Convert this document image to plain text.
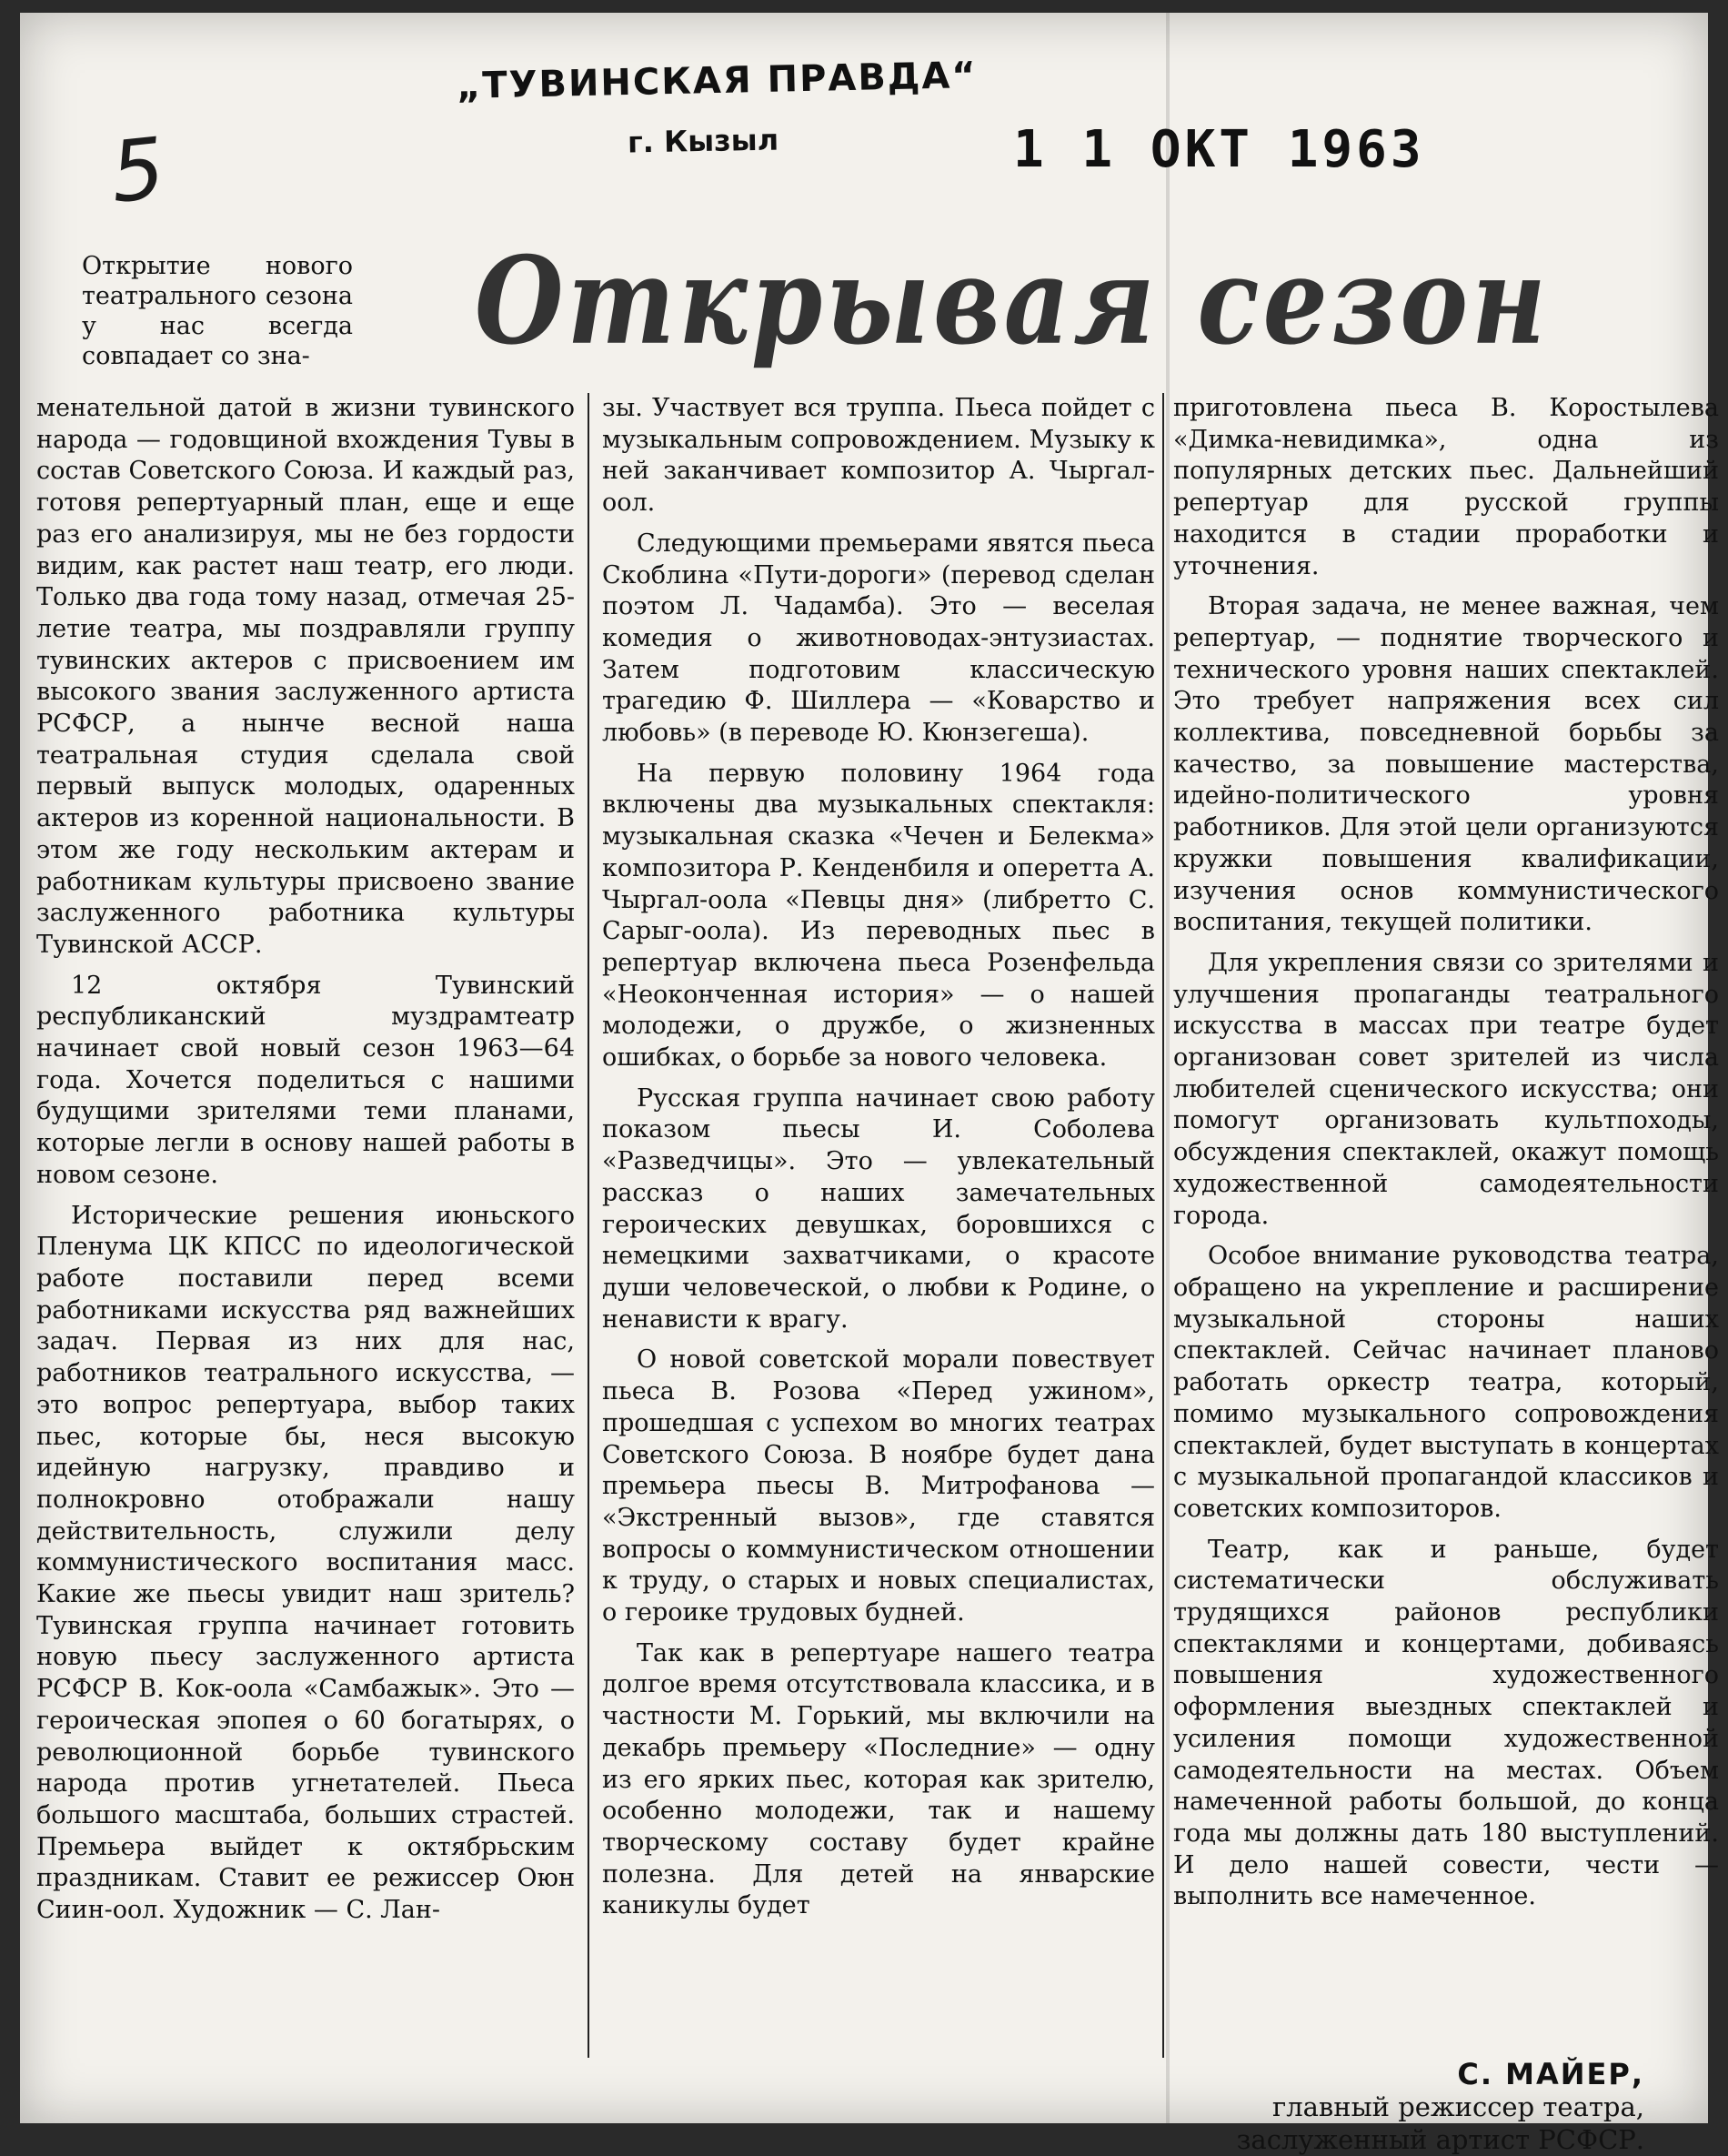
5
„ТУВИНСКАЯ ПРАВДА“
г. Кызыл	1 1 ОКТ 1963
Открытие нового театрального сезона у нас всегда совпадает со зна-	Открывая сезон

менательной датой в жизни тувинского народа — годовщиной вхождения Тувы в состав Советского Союза. И каждый раз, готовя репертуарный план, еще и еще раз его анализируя, мы не без гордости видим, как растет наш театр, его люди. Только два года тому назад, отмечая 25-летие театра, мы поздравляли группу тувинских актеров с присвоением им высокого звания заслуженного артиста РСФСР, а нынче весной наша театральная студия сделала свой первый выпуск молодых, одаренных актеров из коренной национальности. В этом же году нескольким актерам и работникам культуры присвоено звание заслуженного работника культуры Тувинской АССР.

12 октября Тувинский республиканский муздрамтеатр начинает свой новый сезон 1963—64 года. Хочется поделиться с нашими будущими зрителями теми планами, которые легли в основу нашей работы в новом сезоне.

Исторические решения июньского Пленума ЦК КПСС по идеологической работе поставили перед всеми работниками искусства ряд важнейших задач. Первая из них для нас, работников театрального искусства, — это вопрос репертуара, выбор таких пьес, которые бы, неся высокую идейную нагрузку, правдиво и полнокровно отображали нашу действительность, служили делу коммунистического воспитания масс. Какие же пьесы увидит наш зритель? Тувинская группа начинает готовить новую пьесу заслуженного артиста РСФСР В. Кок-оола «Самбажык». Это — героическая эпопея о 60 богатырях, о революционной борьбе тувинского народа против угнетателей. Пьеса большого масштаба, больших страстей. Премьера выйдет к октябрьским праздникам. Ставит ее режиссер Оюн Сиин-оол. Художник — С. Лан-

зы. Участвует вся труппа. Пьеса пойдет с музыкальным сопровождением. Музыку к ней заканчивает композитор А. Чыргал-оол.

Следующими премьерами явятся пьеса Скоблина «Пути-дороги» (перевод сделан поэтом Л. Чадамба). Это — веселая комедия о животноводах-энтузиастах. Затем подготовим классическую трагедию Ф. Шиллера — «Коварство и любовь» (в переводе Ю. Кюнзегеша).

На первую половину 1964 года включены два музыкальных спектакля: музыкальная сказка «Чечен и Белекма» композитора Р. Кенденбиля и оперетта А. Чыргал-оола «Певцы дня» (либретто С. Сарыг-оола). Из переводных пьес в репертуар включена пьеса Розенфельда «Неоконченная история» — о нашей молодежи, о дружбе, о жизненных ошибках, о борьбе за нового человека.

Русская группа начинает свою работу показом пьесы И. Соболева «Разведчицы». Это — увлекательный рассказ о наших замечательных героических девушках, боровшихся с немецкими захватчиками, о красоте души человеческой, о любви к Родине, о ненависти к врагу.

О новой советской морали повествует пьеса В. Розова «Перед ужином», прошедшая с успехом во многих театрах Советского Союза. В ноябре будет дана премьера пьесы В. Митрофанова — «Экстренный вызов», где ставятся вопросы о коммунистическом отношении к труду, о старых и новых специалистах, о героике трудовых будней.

Так как в репертуаре нашего театра долгое время отсутствовала классика, и в частности М. Горький, мы включили на декабрь премьеру «Последние» — одну из его ярких пьес, которая как зрителю, особенно молодежи, так и нашему творческому составу будет крайне полезна. Для детей на январские каникулы будет

приготовлена пьеса В. Коростылева «Димка-невидимка», одна из популярных детских пьес. Дальнейший репертуар для русской группы находится в стадии проработки и уточнения.

Вторая задача, не менее важная, чем репертуар, — поднятие творческого и технического уровня наших спектаклей. Это требует напряжения всех сил коллектива, повседневной борьбы за качество, за повышение мастерства, идейно-политического уровня работников. Для этой цели организуются кружки повышения квалификации, изучения основ коммунистического воспитания, текущей политики.

Для укрепления связи со зрителями и улучшения пропаганды театрального искусства в массах при театре будет организован совет зрителей из числа любителей сценического искусства; они помогут организовать культпоходы, обсуждения спектаклей, окажут помощь художественной самодеятельности города.

Особое внимание руководства театра, обращено на укрепление и расширение музыкальной стороны наших спектаклей. Сейчас начинает планово работать оркестр театра, который, помимо музыкального сопровождения спектаклей, будет выступать в концертах с музыкальной пропагандой классиков и советских композиторов.

Театр, как и раньше, будет систематически обслуживать трудящихся районов республики спектаклями и концертами, добиваясь повышения художественного оформления выездных спектаклей и усиления помощи художественной самодеятельности на местах. Объем намеченной работы большой, до конца года мы должны дать 180 выступлений. И дело нашей совести, чести — выполнить все намеченное.

С. МАЙЕР,
главный режиссер театра,
заслуженный артист РСФСР.
